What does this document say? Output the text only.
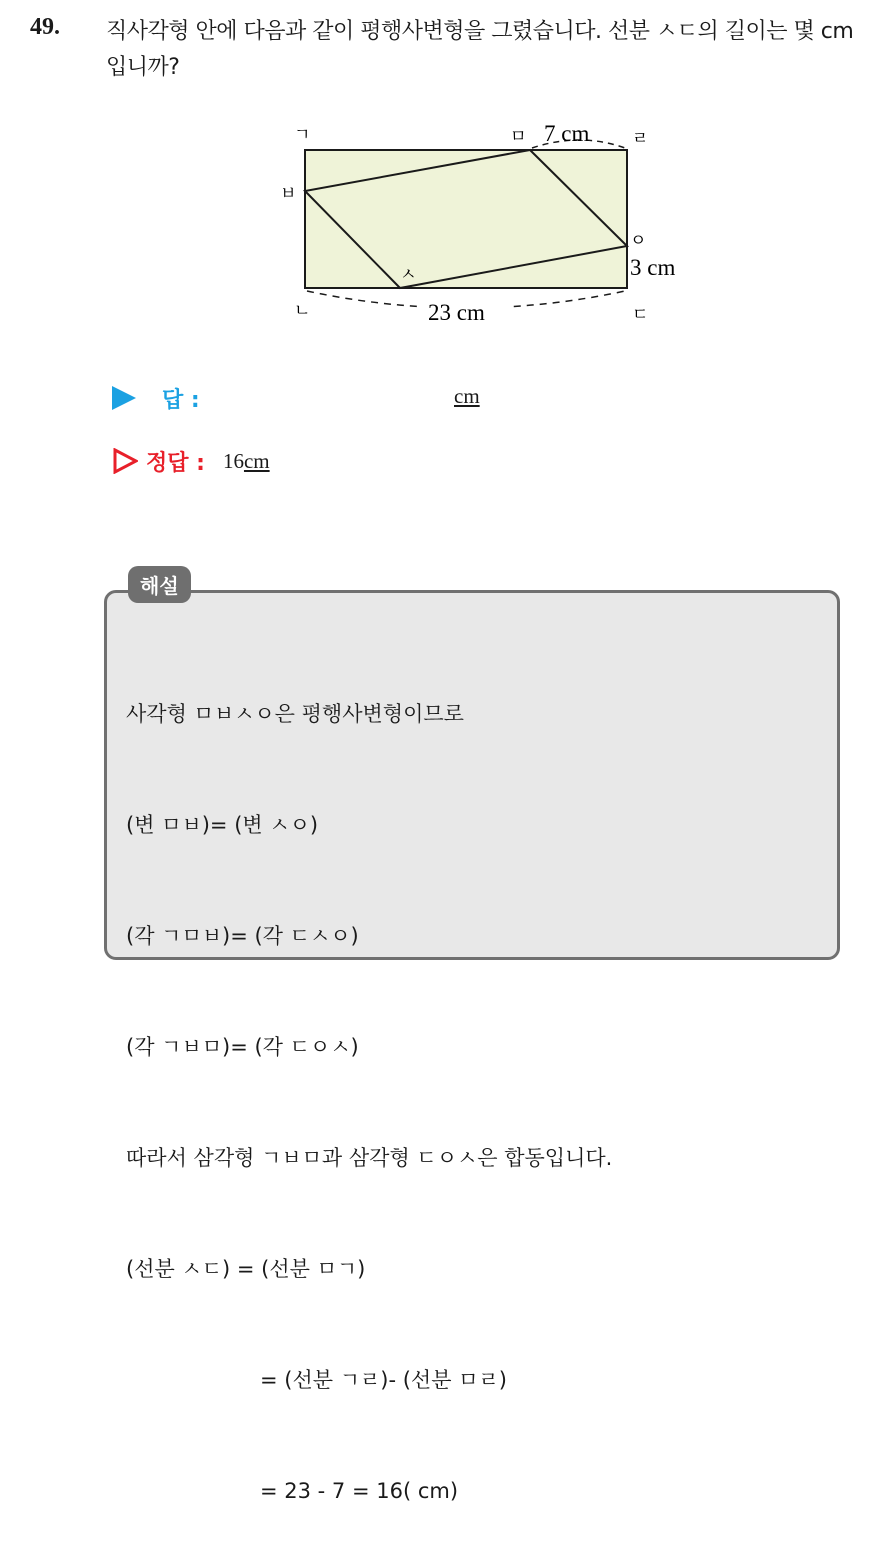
49. 직사각형 안에 다음과 같이 평행사변형을 그렸습니다. 선분 ㅅㄷ의 길이는 몇 cm 입니까?
ㄱ	ㅁ	ㄹ
ㅂ
ㅇ
ㄴ
ㅅ
ㄷ
7 cm
3 cm
23 cm
답 :	cm
정답 : 16cm
해설

사각형 ㅁㅂㅅㅇ은 평행사변형이므로

(변 ㅁㅂ)= (변 ㅅㅇ)

(각 ㄱㅁㅂ)= (각 ㄷㅅㅇ)

(각 ㄱㅂㅁ)= (각 ㄷㅇㅅ)

따라서 삼각형 ㄱㅂㅁ과 삼각형 ㄷㅇㅅ은 합동입니다.

(선분 ㅅㄷ) = (선분 ㅁㄱ)

= (선분 ㄱㄹ)- (선분 ㅁㄹ)

= 23 - 7 = 16( cm)
